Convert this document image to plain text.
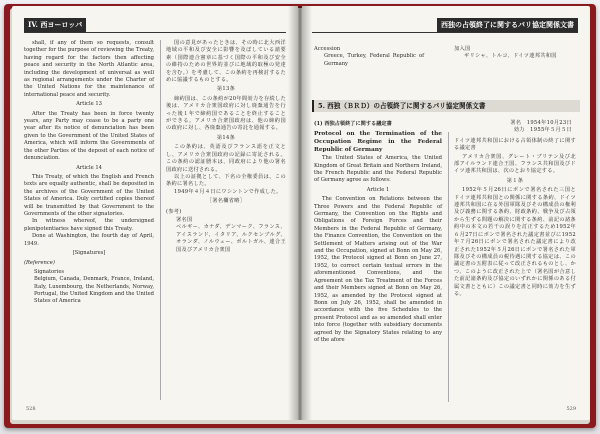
IV. 西ヨーロッパ

shall, if any of them so requests, consult together for the purpose of reviewing the Treaty, having regard for the factors then affecting peace and security in the North Atlantic area, including the development of universal as well as regional arrangements under the Charter of the United Nations for the maintenance of international peace and security.

Article 13

After the Treaty has been in force twenty years, any Party may cease to be a party one year after its notice of denunciation has been given to the Government of the United States of America, which will inform the Governments of the other Parties of the deposit of each notice of denunciation.

Article 14

This Treaty, of which the English and French texts are equally authentic, shall be deposited in the archives of the Government of the United States of America. Duly certified copies thereof will be transmitted by that Government to the Governments of the other signatories.

In witness whereof, the undersigned plenipotentiaries have signed this Treaty.

Done at Washington, the fourth day of April, 1949.

[Signatures]

(Reference)

Signatories

Belgium, Canada, Denmark, France, Ireland, Italy, Luxembourg, the Netherlands, Norway, Portugal, the United Kingdom and the United States of America

国の意見があったときは、その時に北大西洋地域の平和及び安全に影響を及ぼしている諸要素（国際連合憲章に基づく国際の平和及び安全の維持のための世界的並びに地域的取極の発達を含む。）を考慮して、この条約を再検討するために協議するものとする。

第13条

締約国は、この条約が20年間効力を存続した後は、アメリカ合衆国政府に対し廃棄通告を行った後１年で締約国であることを終止することができる。アメリカ合衆国政府は、他の締約国の政府に対し、各廃棄通告の寄託を通報する。

第14条

この条約は、英語及びフランス語を正文とし、アメリカ合衆国政府の記録に寄託される。この条約の認証謄本は、同政府により他の署名国政府に送付される。

以上の証拠として、下名の全権委員は、この条約に署名した。

1949年４月４日にワシントンで作成した。

［署名欄省略］

(参考)

署名国

ベルギー、カナダ、デンマーク、フランス、アイスランド、イタリア、ルクセンブルグ、オランダ、ノルウェー、ポルトガル、連合王国及びアメリカ合衆国

528
西独の占領終了に関するパリ協定関係文書

Accession

Greece, Turkey, Federal Republic of Germany

加入国

ギリシャ、トルコ、ドイツ連邦共和国

5. 西独（ＢＲＤ）の占領終了に関するパリ協定関係文書

(1) 西独占領終了に関する議定書

Protocol on the Termination of the Occupation Regime in the Federal Republic of Germany

The United States of America, the United Kingdom of Great Britain and Northern Ireland, the French Republic and the Federal Republic of Germany agree as follows:

Article 1

The Convention on Relations between the Three Powers and the Federal Republic of Germany, the Convention on the Rights and Obligations of Foreign Forces and their Members in the Federal Republic of Germany, the Finance Convention, the Convention on the Settlement of Matters arising out of the War and the Occupation, signed at Bonn on May 26, 1952, the Protocol signed at Bonn on June 27, 1952, to correct certain textual errors in the aforementioned Conventions, and the Agreement on the Tax Treatment of the Forces and their Members signed at Bonn on May 26, 1952, as amended by the Protocol signed at Bonn on July 26, 1952, shall be amended in accordance with the five Schedules to the present Protocol and as so amended shall enter into force (together with subsidiary documents agreed by the Signatory States relating to any of the afore

署名　1954年10月23日

効力　1955年５月５日

ドイツ連邦共和国における占領体制の終了に関する議定書

アメリカ合衆国、グレート・ブリテン及び北部アイルランド連合王国、フランス共和国及びドイツ連邦共和国は、次のとおり協定する。

第１条

1952年５月26日にボンで署名された三国とドイツ連邦共和国との関係に関する条約、ドイツ連邦共和国に在る外国軍隊及びその構成員の権利及び義務に関する条約、財政条約、戦争及び占領から生ずる問題の解決に関する条約、前記の諸条約中の本文の若干の誤りを訂正するため1952年６月27日にボンで署名された議定書並びに1952年７月26日にボンで署名された議定書により改正された1952年５月26日にボンで署名された軍隊及びその構成員の税待遇に関する協定は、この議定書の五附表に従って改正されるものとし、かつ、このように改正された上で（署名国が合意した前記諸条約及び協定のいずれかに関係のある付属文書とともに）この議定書と同時に効力を生ずる。

529
